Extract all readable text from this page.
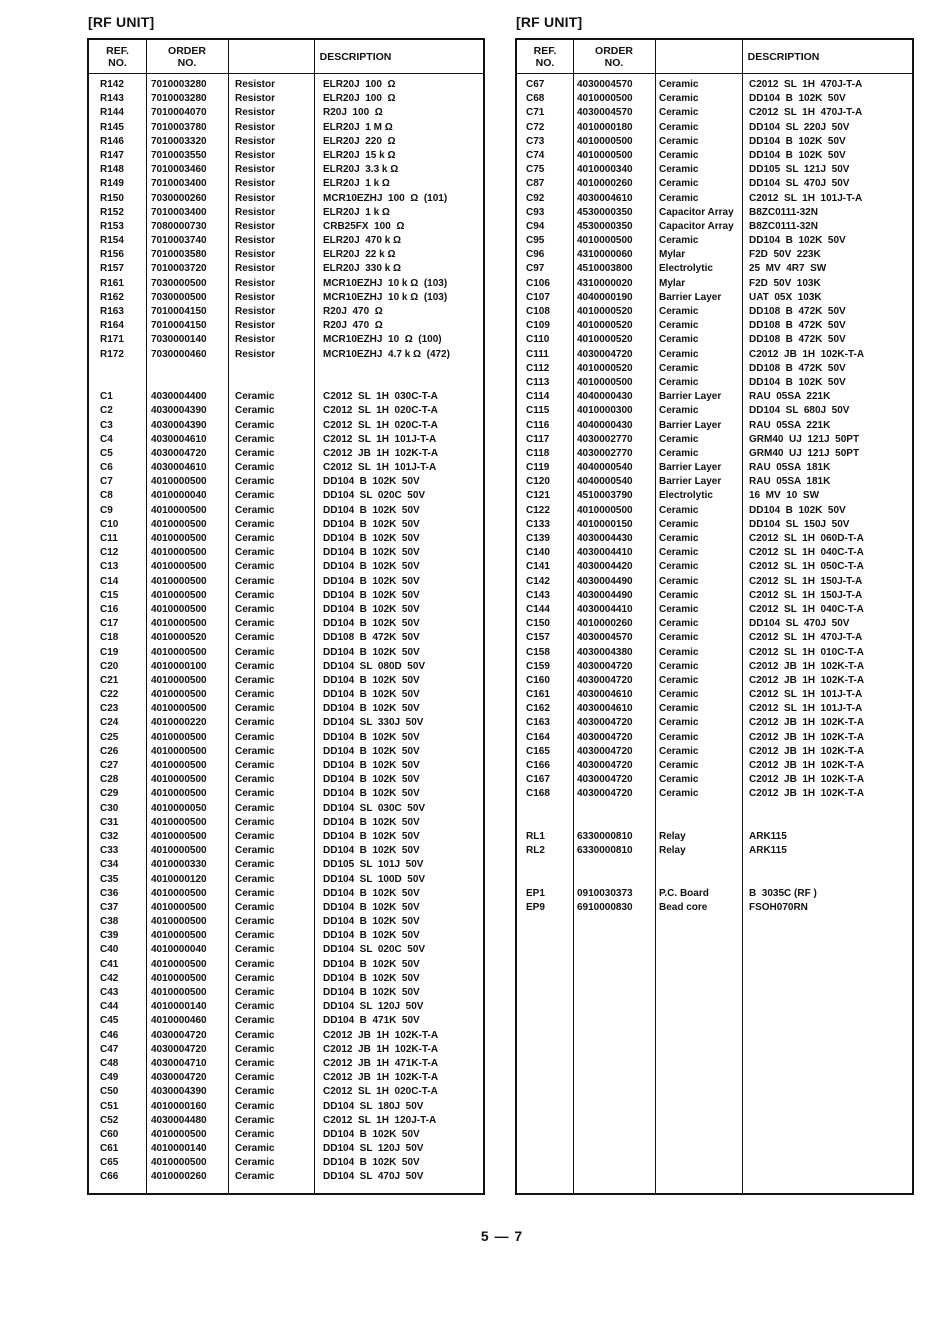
[RF UNIT]	[RF UNIT]
REF.
NO.
ORDER
NO.	DESCRIPTION
R142	7010003280	Resistor	ELR20J  100  Ω
R143	7010003280	Resistor	ELR20J  100  Ω
R144	7010004070	Resistor	R20J  100  Ω
R145	7010003780	Resistor	ELR20J  1 M Ω
R146	7010003320	Resistor	ELR20J  220  Ω
R147	7010003550	Resistor	ELR20J  15 k Ω
R148	7010003460	Resistor	ELR20J  3.3 k Ω
R149	7010003400	Resistor	ELR20J  1 k Ω
R150	7030000260	Resistor	MCR10EZHJ  100  Ω  (101)
R152	7010003400	Resistor	ELR20J  1 k Ω
R153	7080000730	Resistor	CRB25FX  100  Ω
R154	7010003740	Resistor	ELR20J  470 k Ω
R156	7010003580	Resistor	ELR20J  22 k Ω
R157	7010003720	Resistor	ELR20J  330 k Ω
R161	7030000500	Resistor	MCR10EZHJ  10 k Ω  (103)
R162	7030000500	Resistor	MCR10EZHJ  10 k Ω  (103)
R163	7010004150	Resistor	R20J  470  Ω
R164	7010004150	Resistor	R20J  470  Ω
R171	7030000140	Resistor	MCR10EZHJ  10  Ω  (100)
R172	7030000460	Resistor	MCR10EZHJ  4.7 k Ω  (472)
C1	4030004400	Ceramic	C2012  SL  1H  030C-T-A
C2	4030004390	Ceramic	C2012  SL  1H  020C-T-A
C3	4030004390	Ceramic	C2012  SL  1H  020C-T-A
C4	4030004610	Ceramic	C2012  SL  1H  101J-T-A
C5	4030004720	Ceramic	C2012  JB  1H  102K-T-A
C6	4030004610	Ceramic	C2012  SL  1H  101J-T-A
C7	4010000500	Ceramic	DD104  B  102K  50V
C8	4010000040	Ceramic	DD104  SL  020C  50V
C9	4010000500	Ceramic	DD104  B  102K  50V
C10	4010000500	Ceramic	DD104  B  102K  50V
C11	4010000500	Ceramic	DD104  B  102K  50V
C12	4010000500	Ceramic	DD104  B  102K  50V
C13	4010000500	Ceramic	DD104  B  102K  50V
C14	4010000500	Ceramic	DD104  B  102K  50V
C15	4010000500	Ceramic	DD104  B  102K  50V
C16	4010000500	Ceramic	DD104  B  102K  50V
C17	4010000500	Ceramic	DD104  B  102K  50V
C18	4010000520	Ceramic	DD108  B  472K  50V
C19	4010000500	Ceramic	DD104  B  102K  50V
C20	4010000100	Ceramic	DD104  SL  080D  50V
C21	4010000500	Ceramic	DD104  B  102K  50V
C22	4010000500	Ceramic	DD104  B  102K  50V
C23	4010000500	Ceramic	DD104  B  102K  50V
C24	4010000220	Ceramic	DD104  SL  330J  50V
C25	4010000500	Ceramic	DD104  B  102K  50V
C26	4010000500	Ceramic	DD104  B  102K  50V
C27	4010000500	Ceramic	DD104  B  102K  50V
C28	4010000500	Ceramic	DD104  B  102K  50V
C29	4010000500	Ceramic	DD104  B  102K  50V
C30	4010000050	Ceramic	DD104  SL  030C  50V
C31	4010000500	Ceramic	DD104  B  102K  50V
C32	4010000500	Ceramic	DD104  B  102K  50V
C33	4010000500	Ceramic	DD104  B  102K  50V
C34	4010000330	Ceramic	DD105  SL  101J  50V
C35	4010000120	Ceramic	DD104  SL  100D  50V
C36	4010000500	Ceramic	DD104  B  102K  50V
C37	4010000500	Ceramic	DD104  B  102K  50V
C38	4010000500	Ceramic	DD104  B  102K  50V
C39	4010000500	Ceramic	DD104  B  102K  50V
C40	4010000040	Ceramic	DD104  SL  020C  50V
C41	4010000500	Ceramic	DD104  B  102K  50V
C42	4010000500	Ceramic	DD104  B  102K  50V
C43	4010000500	Ceramic	DD104  B  102K  50V
C44	4010000140	Ceramic	DD104  SL  120J  50V
C45	4010000460	Ceramic	DD104  B  471K  50V
C46	4030004720	Ceramic	C2012  JB  1H  102K-T-A
C47	4030004720	Ceramic	C2012  JB  1H  102K-T-A
C48	4030004710	Ceramic	C2012  JB  1H  471K-T-A
C49	4030004720	Ceramic	C2012  JB  1H  102K-T-A
C50	4030004390	Ceramic	C2012  SL  1H  020C-T-A
C51	4010000160	Ceramic	DD104  SL  180J  50V
C52	4030004480	Ceramic	C2012  SL  1H  120J-T-A
C60	4010000500	Ceramic	DD104  B  102K  50V
C61	4010000140	Ceramic	DD104  SL  120J  50V
C65	4010000500	Ceramic	DD104  B  102K  50V
C66	4010000260	Ceramic	DD104  SL  470J  50V
REF.
NO.
ORDER
NO.	DESCRIPTION
C67	4030004570	Ceramic	C2012  SL  1H  470J-T-A
C68	4010000500	Ceramic	DD104  B  102K  50V
C71	4030004570	Ceramic	C2012  SL  1H  470J-T-A
C72	4010000180	Ceramic	DD104  SL  220J  50V
C73	4010000500	Ceramic	DD104  B  102K  50V
C74	4010000500	Ceramic	DD104  B  102K  50V
C75	4010000340	Ceramic	DD105  SL  121J  50V
C87	4010000260	Ceramic	DD104  SL  470J  50V
C92	4030004610	Ceramic	C2012  SL  1H  101J-T-A
C93	4530000350	Capacitor Array B8ZC0111-32N
C94	4530000350	Capacitor Array B8ZC0111-32N
C95	4010000500	Ceramic	DD104  B  102K  50V
C96	4310000060	Mylar	F2D  50V  223K
C97	4510003800	Electrolytic	25  MV  4R7  SW
C106	4310000020	Mylar	F2D  50V  103K
C107	4040000190	Barrier Layer	UAT  05X  103K
C108	4010000520	Ceramic	DD108  B  472K  50V
C109	4010000520	Ceramic	DD108  B  472K  50V
C110	4010000520	Ceramic	DD108  B  472K  50V
C111	4030004720	Ceramic	C2012  JB  1H  102K-T-A
C112	4010000520	Ceramic	DD108  B  472K  50V
C113	4010000500	Ceramic	DD104  B  102K  50V
C114	4040000430	Barrier Layer	RAU  05SA  221K
C115	4010000300	Ceramic	DD104  SL  680J  50V
C116	4040000430	Barrier Layer	RAU  05SA  221K
C117	4030002770	Ceramic	GRM40  UJ  121J  50PT
C118	4030002770	Ceramic	GRM40  UJ  121J  50PT
C119	4040000540	Barrier Layer	RAU  05SA  181K
C120	4040000540	Barrier Layer	RAU  05SA  181K
C121	4510003790	Electrolytic	16  MV  10  SW
C122	4010000500	Ceramic	DD104  B  102K  50V
C133	4010000150	Ceramic	DD104  SL  150J  50V
C139	4030004430	Ceramic	C2012  SL  1H  060D-T-A
C140	4030004410	Ceramic	C2012  SL  1H  040C-T-A
C141	4030004420	Ceramic	C2012  SL  1H  050C-T-A
C142	4030004490	Ceramic	C2012  SL  1H  150J-T-A
C143	4030004490	Ceramic	C2012  SL  1H  150J-T-A
C144	4030004410	Ceramic	C2012  SL  1H  040C-T-A
C150	4010000260	Ceramic	DD104  SL  470J  50V
C157	4030004570	Ceramic	C2012  SL  1H  470J-T-A
C158	4030004380	Ceramic	C2012  SL  1H  010C-T-A
C159	4030004720	Ceramic	C2012  JB  1H  102K-T-A
C160	4030004720	Ceramic	C2012  JB  1H  102K-T-A
C161	4030004610	Ceramic	C2012  SL  1H  101J-T-A
C162	4030004610	Ceramic	C2012  SL  1H  101J-T-A
C163	4030004720	Ceramic	C2012  JB  1H  102K-T-A
C164	4030004720	Ceramic	C2012  JB  1H  102K-T-A
C165	4030004720	Ceramic	C2012  JB  1H  102K-T-A
C166	4030004720	Ceramic	C2012  JB  1H  102K-T-A
C167	4030004720	Ceramic	C2012  JB  1H  102K-T-A
C168	4030004720	Ceramic	C2012  JB  1H  102K-T-A
RL1	6330000810	Relay	ARK115
RL2	6330000810	Relay	ARK115
EP1	0910030373	P.C. Board	B  3035C (RF )
EP9	6910000830	Bead core	FSOH070RN
5 — 7
